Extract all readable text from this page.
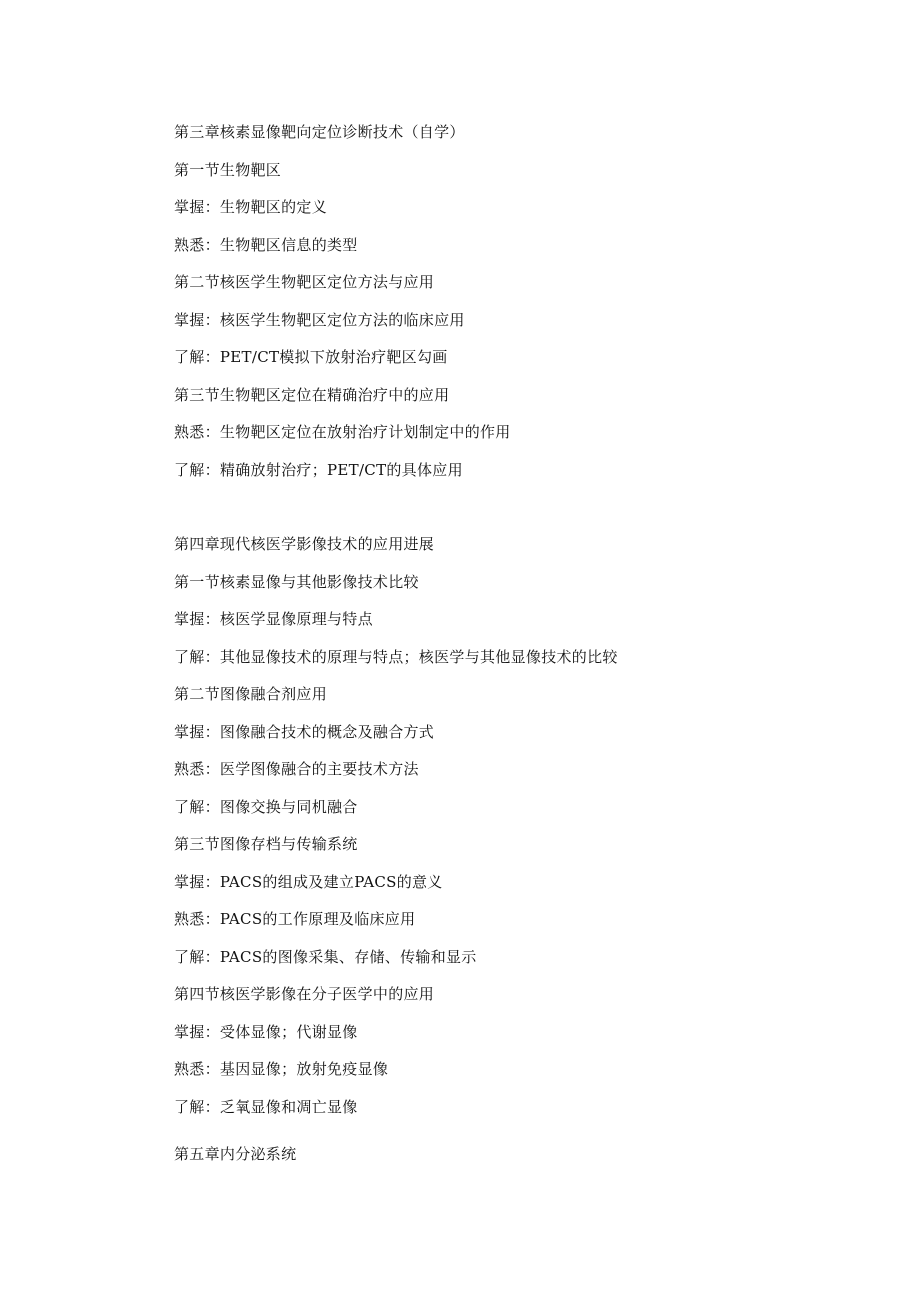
第三章核素显像靶向定位诊断技术（自学）
第一节生物靶区
掌握：生物靶区的定义
熟悉：生物靶区信息的类型
第二节核医学生物靶区定位方法与应用
掌握：核医学生物靶区定位方法的临床应用
了解：PET/CT模拟下放射治疗靶区勾画
第三节生物靶区定位在精确治疗中的应用
熟悉：生物靶区定位在放射治疗计划制定中的作用
了解：精确放射治疗；PET/CT的具体应用
第四章现代核医学影像技术的应用进展
第一节核素显像与其他影像技术比较
掌握：核医学显像原理与特点
了解：其他显像技术的原理与特点；核医学与其他显像技术的比较
第二节图像融合剂应用
掌握：图像融合技术的概念及融合方式
熟悉：医学图像融合的主要技术方法
了解：图像交换与同机融合
第三节图像存档与传输系统
掌握：PACS的组成及建立PACS的意义
熟悉：PACS的工作原理及临床应用
了解：PACS的图像采集、存储、传输和显示
第四节核医学影像在分子医学中的应用
掌握：受体显像；代谢显像
熟悉：基因显像；放射免疫显像
了解：乏氧显像和凋亡显像
第五章内分泌系统
